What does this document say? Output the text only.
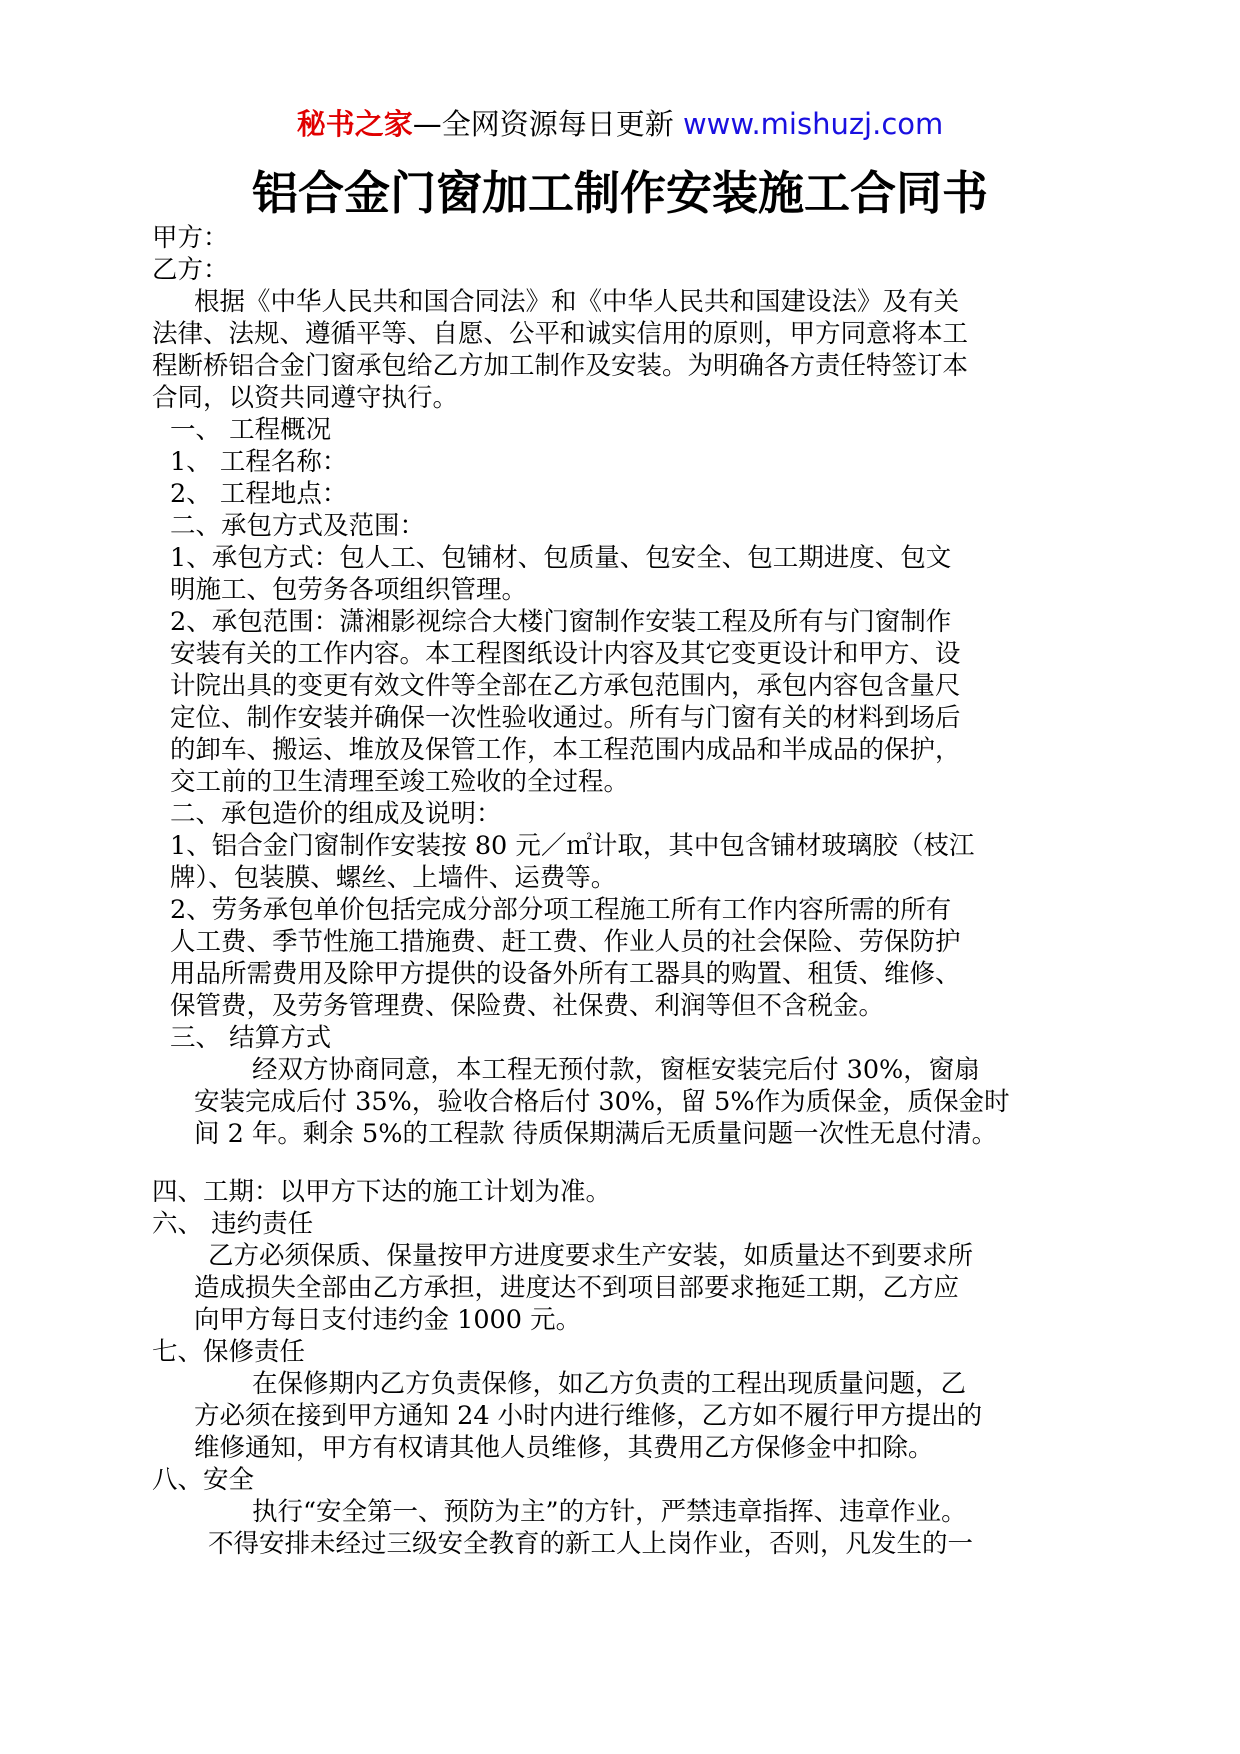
秘书之家—全网资源每日更新 www.mishuzj.com
铝合金门窗加工制作安装施工合同书
甲方：
乙方：
根据《中华人民共和国合同法》和《中华人民共和国建设法》及有关
法律、法规、遵循平等、自愿、公平和诚实信用的原则，甲方同意将本工
程断桥铝合金门窗承包给乙方加工制作及安装。为明确各方责任特签订本
合同，以资共同遵守执行。
一、 工程概况
1、 工程名称：
2、 工程地点：
二、承包方式及范围：
1、承包方式：包人工、包铺材、包质量、包安全、包工期进度、包文
明施工、包劳务各项组织管理。
2、承包范围：潇湘影视综合大楼门窗制作安装工程及所有与门窗制作
安装有关的工作内容。本工程图纸设计内容及其它变更设计和甲方、设
计院出具的变更有效文件等全部在乙方承包范围内，承包内容包含量尺
定位、制作安装并确保一次性验收通过。所有与门窗有关的材料到场后
的卸车、搬运、堆放及保管工作，本工程范围内成品和半成品的保护，
交工前的卫生清理至竣工殓收的全过程。
二、承包造价的组成及说明：
1、铝合金门窗制作安装按 80 元／㎡计取，其中包含铺材玻璃胶（枝江
牌）、包装膜、螺丝、上墙件、运费等。
2、劳务承包单价包括完成分部分项工程施工所有工作内容所需的所有
人工费、季节性施工措施费、赶工费、作业人员的社会保险、劳保防护
用品所需费用及除甲方提供的设备外所有工器具的购置、租赁、维修、
保管费，及劳务管理费、保险费、社保费、利润等但不含税金。
三、 结算方式
经双方协商同意，本工程无预付款，窗框安装完后付 30%，窗扇
安装完成后付 35%，验收合格后付 30%，留 5%作为质保金，质保金时
间 2 年。剩余 5%的工程款 待质保期满后无质量问题一次性无息付清。
四、工期：以甲方下达的施工计划为准。
六、 违约责任
乙方必须保质、保量按甲方进度要求生产安装，如质量达不到要求所
造成损失全部由乙方承担，进度达不到项目部要求拖延工期，乙方应
向甲方每日支付违约金 1000 元。
七、保修责任
在保修期内乙方负责保修，如乙方负责的工程出现质量问题，乙
方必须在接到甲方通知 24 小时内进行维修，乙方如不履行甲方提出的
维修通知，甲方有权请其他人员维修，其费用乙方保修金中扣除。
八、安全
执行“安全第一、预防为主”的方针，严禁违章指挥、违章作业。
不得安排未经过三级安全教育的新工人上岗作业，否则，凡发生的一
